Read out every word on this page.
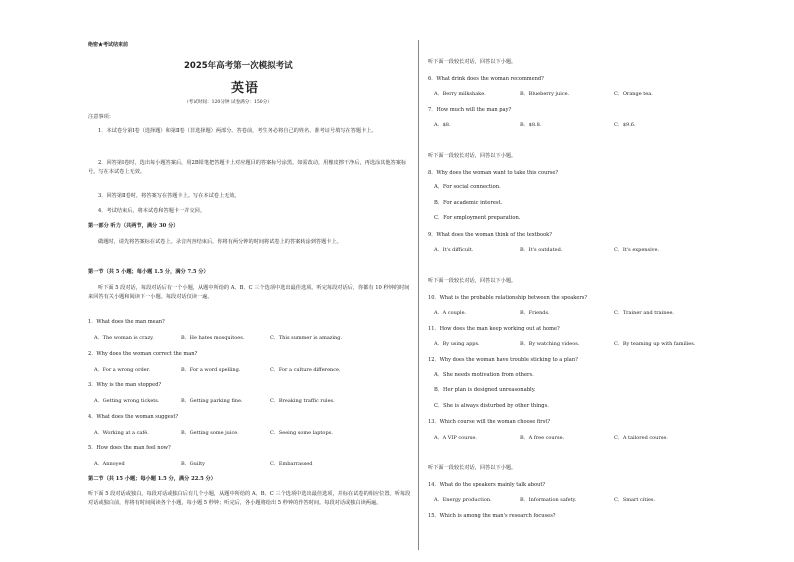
绝密★考试结束前
2025年高考第一次模拟考试
英语
（考试时间：120分钟 试卷满分：150分）
注意事项：
1．本试卷分第Ⅰ卷（选择题）和第Ⅱ卷（非选择题）两部分。答卷前，考生务必将自己的姓名、准考证号填写在答题卡上。
2．回答第Ⅰ卷时，选出每小题答案后，用2B铅笔把答题卡上对应题目的答案标号涂黑。如需改动，用橡皮擦干净后，再选涂其他答案标号。写在本试卷上无效。
3．回答第Ⅱ卷时，将答案写在答题卡上。写在本试卷上无效。
4．考试结束后，将本试卷和答题卡一并交回。
第一部分 听力（共两节，满分 30 分）
做题时，请先将答案标在试卷上。录音内容结束后，你将有两分钟的时间将试卷上的答案转涂到答题卡上。
第一节（共 5 小题；每小题 1.5 分，满分 7.5 分）
听下面 5 段对话，每段对话后有一个小题，从题中所给的 A、B、C 三个选项中选出最佳选项。听完每段对话后，你都有 10 秒钟的时间来回答有关小题和阅读下一小题。每段对话仅读一遍。
1．What does the man mean?
A．The woman is crazy.	B．He hates mosquitoes.	C．This summer is amazing.
2．Why does the woman correct the man?
A．For a wrong order.	B．For a word spelling.	C．For a culture difference.
3．Why is the man stopped?
A．Getting wrong tickets.	B．Getting parking fine.	C．Breaking traffic rules.
4．What does the woman suggest?
A．Working at a café.	B．Getting some juice.	C．Seeing some laptops.
5．How does the man feel now?
A．Annoyed	B．Guilty	C．Embarrassed
第二节（共 15 小题；每小题 1.5 分，满分 22.5 分）
听下面 5 段对话或独白。每段对话或独白后有几个小题，从题中所给的 A、B、C 三个选项中选出最佳选项，并标在试卷的相应位置。听每段对话或独白前，你将有时间阅读各个小题，每小题 5 秒钟；听完后，各小题将给出 5 秒钟的作答时间。每段对话或独白读两遍。
听下面一段较长对话，回答以下小题。
6．What drink does the woman recommend?
A．Berry milkshake.	B．Blueberry juice.	C．Orange tea.
7．How much will the man pay?
A．$8.	B．$8.8.	C．$9.6.
听下面一段较长对话，回答以下小题。
8．Why does the woman want to take this course?
A．For social connection.
B．For academic interest.
C．For employment preparation.
9．What does the woman think of the textbook?
A．It's difficult.	B．It's outdated.	C．It's expensive.
听下面一段较长对话，回答以下小题。
10．What is the probable relationship between the speakers?
A．A couple.	B．Friends.	C．Trainer and trainee.
11．How does the man keep working out at home?
A．By using apps.	B．By watching videos.	C．By teaming up with families.
12．Why does the woman have trouble sticking to a plan?
A．She needs motivation from others.
B．Her plan is designed unreasonably.
C．She is always disturbed by other things.
13．Which course will the woman choose first?
A．A VIP course.	B．A free course.	C．A tailored course.
听下面一段较长对话，回答以下小题。
14．What do the speakers mainly talk about?
A．Energy production.	B．Information safety.	C．Smart cities.
15．Which is among the man's research focuses?
